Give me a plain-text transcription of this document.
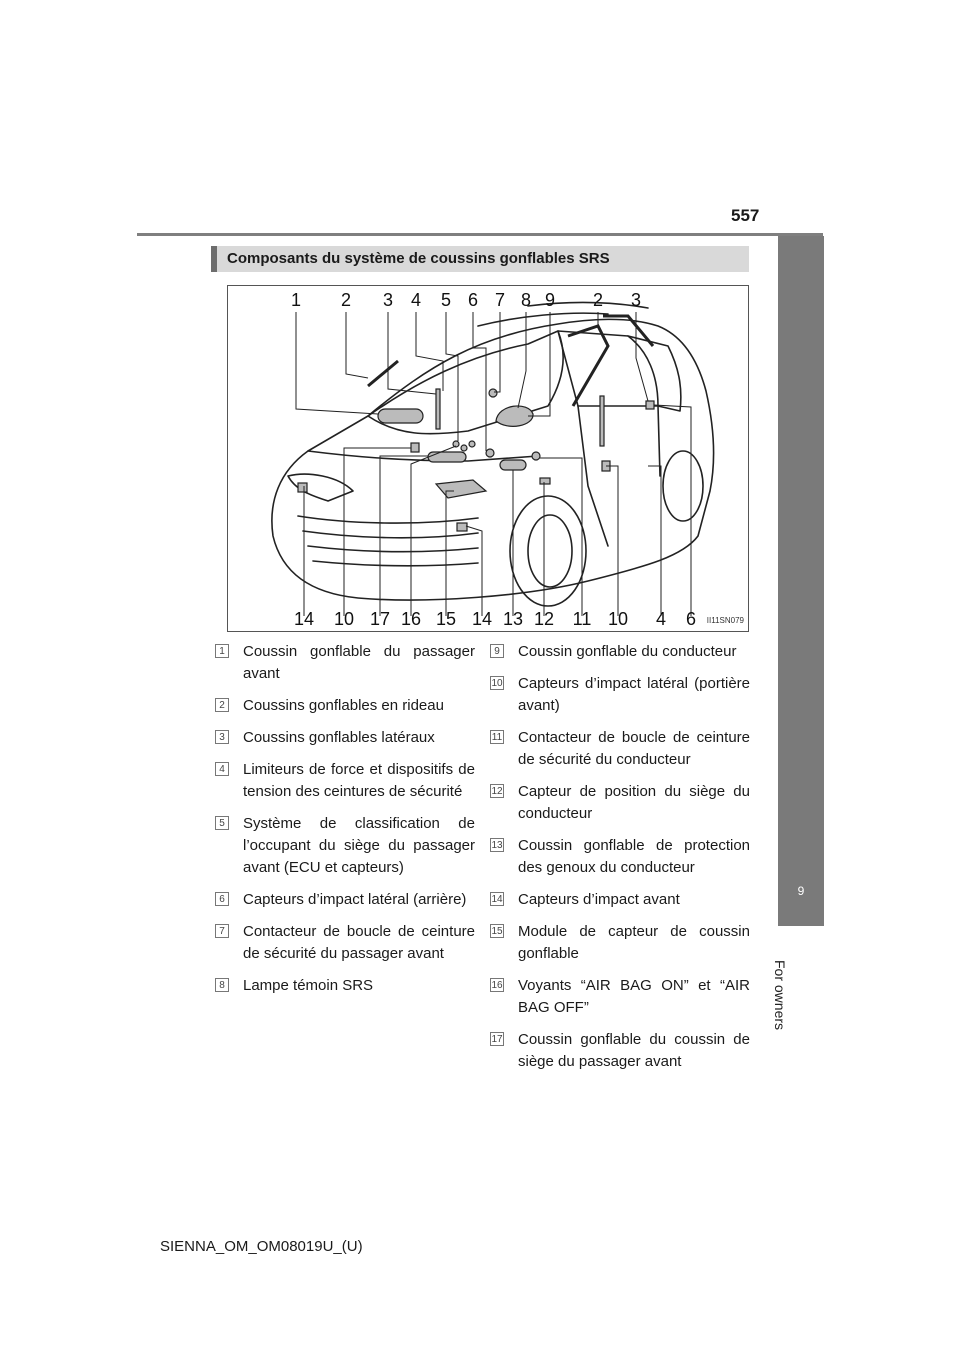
557
9
For owners
Composants du système de coussins gonflables SRS
1	2	3 4	5 6 7 8 9	2	3
14 10 17 16 15 14 13 12 11 10	4	6	II11SN079
1 Coussin gonflable du passager avant
2 Coussins gonflables en rideau
3 Coussins gonflables latéraux
4 Limiteurs de force et dispositifs de tension des ceintures de sécurité
5 Système de classification de l’occupant du siège du passager avant (ECU et capteurs)
6 Capteurs d’impact latéral (arrière)
7 Contacteur de boucle de ceinture de sécurité du passager avant
8 Lampe témoin SRS
9 Coussin gonflable du conducteur
10 Capteurs d’impact latéral (portière avant)
11 Contacteur de boucle de ceinture de sécurité du conducteur
12 Capteur de position du siège du conducteur
13 Coussin gonflable de protection des genoux du conducteur
14 Capteurs d’impact avant
15 Module de capteur de coussin gonflable
16 Voyants “AIR BAG ON” et “AIR BAG OFF”
17 Coussin gonflable du coussin de siège du passager avant
SIENNA_OM_OM08019U_(U)
